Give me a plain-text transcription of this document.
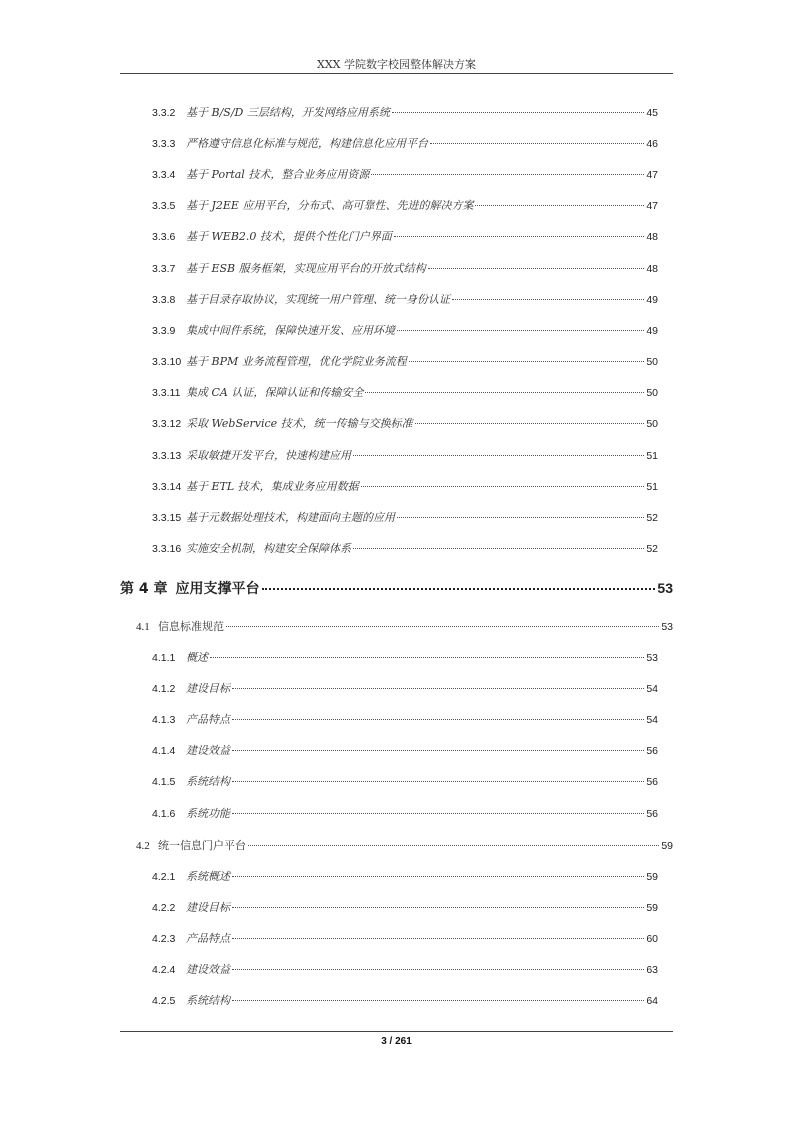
XXX 学院数字校园整体解决方案
3.3.2 基于 B/S/D 三层结构，开发网络应用系统	45
3.3.3 严格遵守信息化标准与规范，构建信息化应用平台	46
3.3.4 基于 Portal 技术，整合业务应用资源	47
3.3.5 基于 J2EE 应用平台，分布式、高可靠性、先进的解决方案	47
3.3.6 基于 WEB2.0 技术，提供个性化门户界面	48
3.3.7 基于 ESB 服务框架，实现应用平台的开放式结构	48
3.3.8 基于目录存取协议，实现统一用户管理、统一身份认证	49
3.3.9 集成中间件系统，保障快速开发、应用环境	49
3.3.10 基于 BPM 业务流程管理，优化学院业务流程	50
3.3.11 集成 CA 认证，保障认证和传输安全	50
3.3.12 采取 WebService 技术，统一传输与交换标准	50
3.3.13 采取敏捷开发平台，快速构建应用	51
3.3.14 基于 ETL 技术，集成业务应用数据	51
3.3.15 基于元数据处理技术，构建面向主题的应用	52
3.3.16 实施安全机制，构建安全保障体系	52
第 4 章 应用支撑平台	53
4.1 信息标准规范	53
4.1.1 概述	53
4.1.2 建设目标	54
4.1.3 产品特点	54
4.1.4 建设效益	56
4.1.5 系统结构	56
4.1.6 系统功能	56
4.2 统一信息门户平台	59
4.2.1 系统概述	59
4.2.2 建设目标	59
4.2.3 产品特点	60
4.2.4 建设效益	63
4.2.5 系统结构	64
3 / 261
